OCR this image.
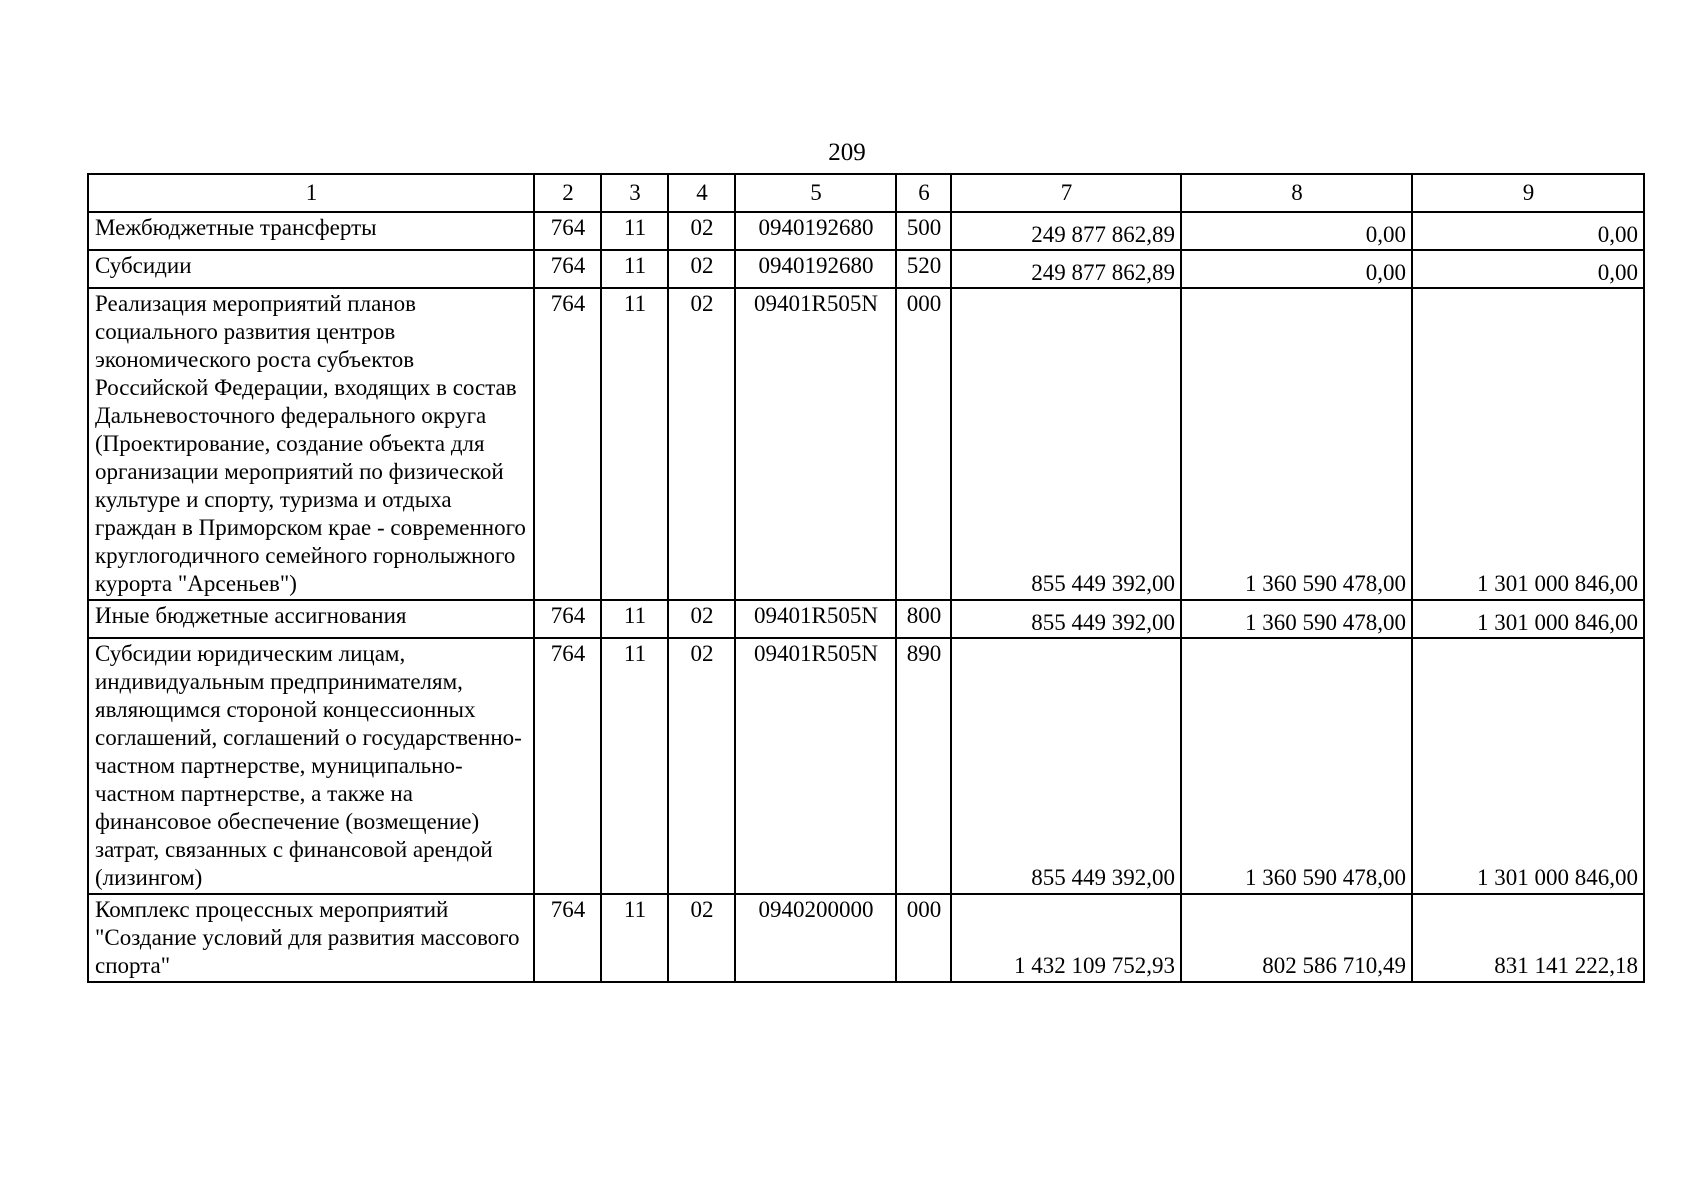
209
1	2	3	4	5	6	7	8	9
Межбюджетные трансферты	764	11	02	0940192680	500	249 877 862,89	0,00	0,00
Субсидии	764	11	02	0940192680	520	249 877 862,89	0,00	0,00
Реализация мероприятий планов социального развития центров экономического роста субъектов Российской Федерации, входящих в состав Дальневосточного федерального округа (Проектирование, создание объекта для организации мероприятий по физической культуре и спорту, туризма и отдыха граждан в Приморском крае - современного круглогодичного семейного горнолыжного курорта "Арсеньев")	764	11	02	09401R505N	000	855 449 392,00	1 360 590 478,00	1 301 000 846,00
Иные бюджетные ассигнования	764	11	02	09401R505N	800	855 449 392,00	1 360 590 478,00	1 301 000 846,00
Субсидии юридическим лицам, индивидуальным предпринимателям, являющимся стороной концессионных соглашений, соглашений о государственно-частном партнерстве, муниципально-частном партнерстве, а также на финансовое обеспечение (возмещение) затрат, связанных с финансовой арендой (лизингом)	764	11	02	09401R505N	890	855 449 392,00	1 360 590 478,00	1 301 000 846,00
Комплекс процессных мероприятий "Создание условий для развития массового спорта"	764	11	02	0940200000	000	1 432 109 752,93	802 586 710,49	831 141 222,18
